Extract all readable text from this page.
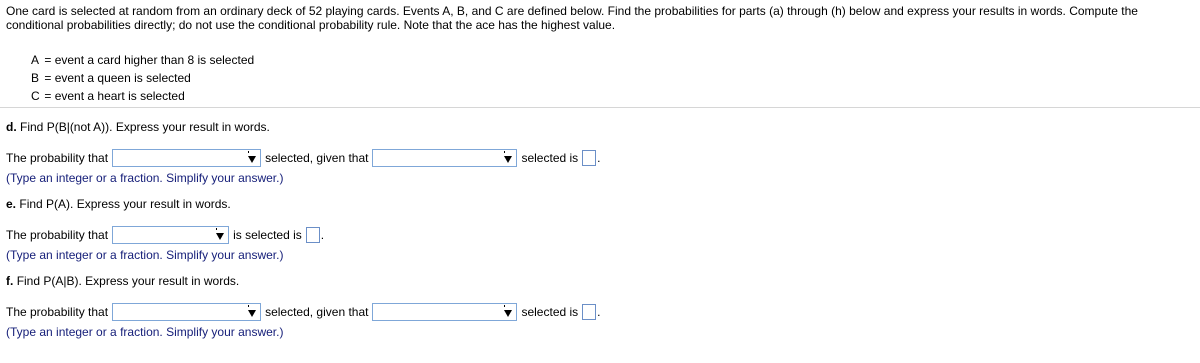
One card is selected at random from an ordinary deck of 52 playing cards. Events A, B, and C are defined below. Find the probabilities for parts (a) through (h) below and express your results in words. Compute the conditional probabilities directly; do not use the conditional probability rule. Note that the ace has the highest value.
A = event a card higher than 8 is selected
B = event a queen is selected
C = event a heart is selected
d. Find P(B|(not A)). Express your result in words.
The probability that	selected, given that	selected is .
(Type an integer or a fraction. Simplify your answer.)
e. Find P(A). Express your result in words.
The probability that	is selected is .
(Type an integer or a fraction. Simplify your answer.)
f. Find P(A|B). Express your result in words.
The probability that	selected, given that	selected is .
(Type an integer or a fraction. Simplify your answer.)
